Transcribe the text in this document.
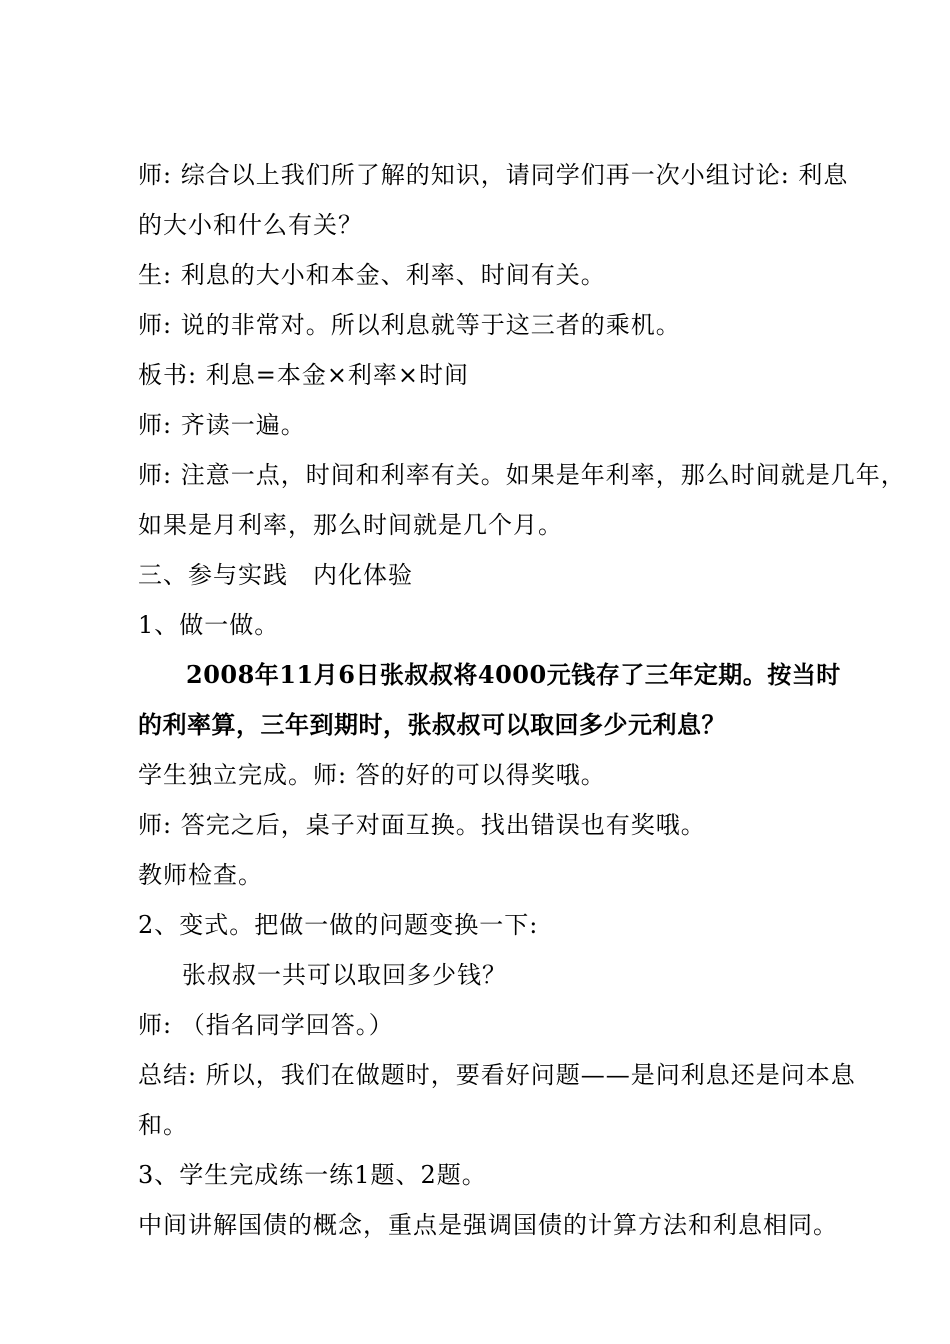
师: 综合以上我们所了解的知识，请同学们再一次小组讨论: 利息
的大小和什么有关？
生: 利息的大小和本金、利率、时间有关。
师: 说的非常对。所以利息就等于这三者的乘机。
板书: 利息=本金×利率×时间
师: 齐读一遍。
师: 注意一点，时间和利率有关。如果是年利率，那么时间就是几年，
如果是月利率，那么时间就是几个月。
三、参与实践　内化体验
1、做一做。
2008年11月6日张叔叔将4000元钱存了三年定期。按当时
的利率算，三年到期时，张叔叔可以取回多少元利息？
学生独立完成。师: 答的好的可以得奖哦。
师: 答完之后，桌子对面互换。找出错误也有奖哦。
教师检查。
2、变式。把做一做的问题变换一下:
张叔叔一共可以取回多少钱？
师: （指名同学回答。）
总结: 所以，我们在做题时，要看好问题——是问利息还是问本息
和。
3、学生完成练一练1题、2题。
中间讲解国债的概念，重点是强调国债的计算方法和利息相同。
